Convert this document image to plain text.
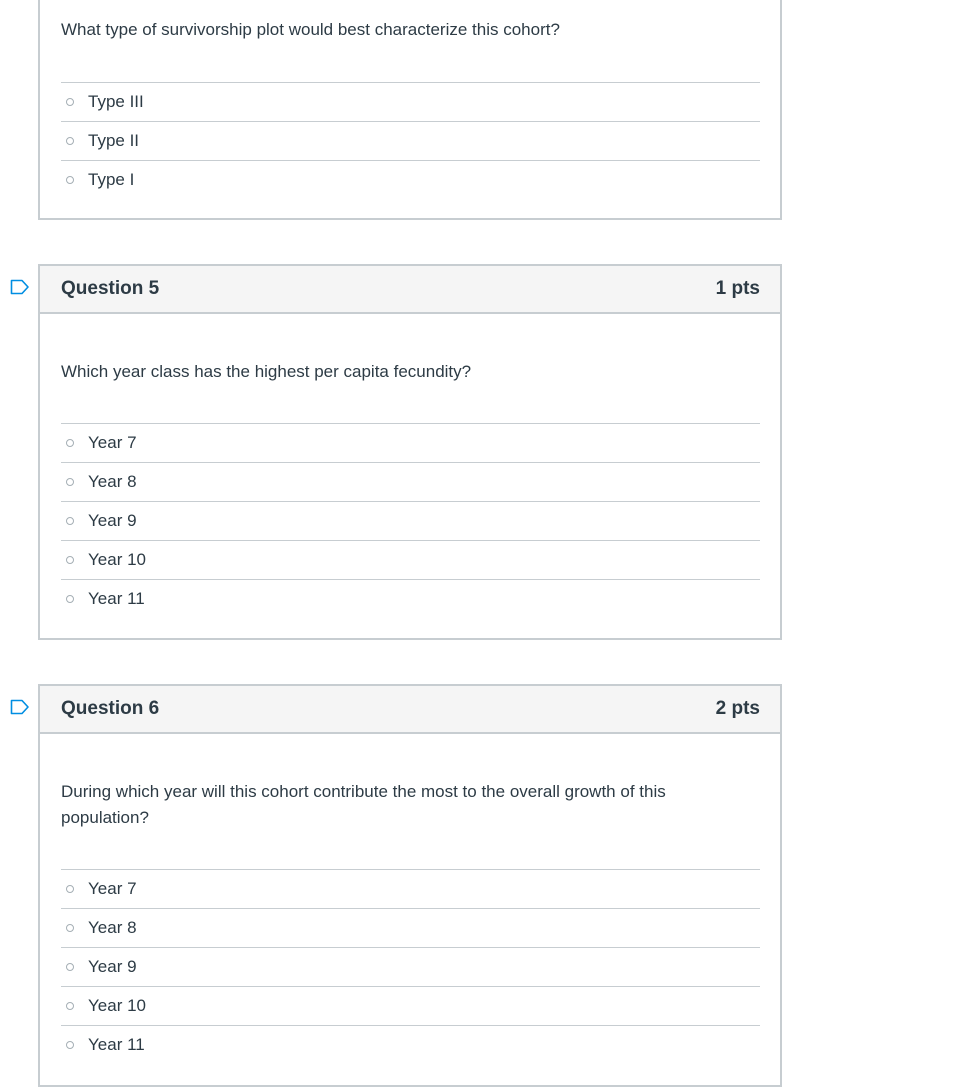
What type of survivorship plot would best characterize this cohort?
Type III
Type II
Type I
Question 5	1 pts
Which year class has the highest per capita fecundity?
Year 7
Year 8
Year 9
Year 10
Year 11
Question 6	2 pts
During which year will this cohort contribute the most to the overall growth of this population?
Year 7
Year 8
Year 9
Year 10
Year 11
